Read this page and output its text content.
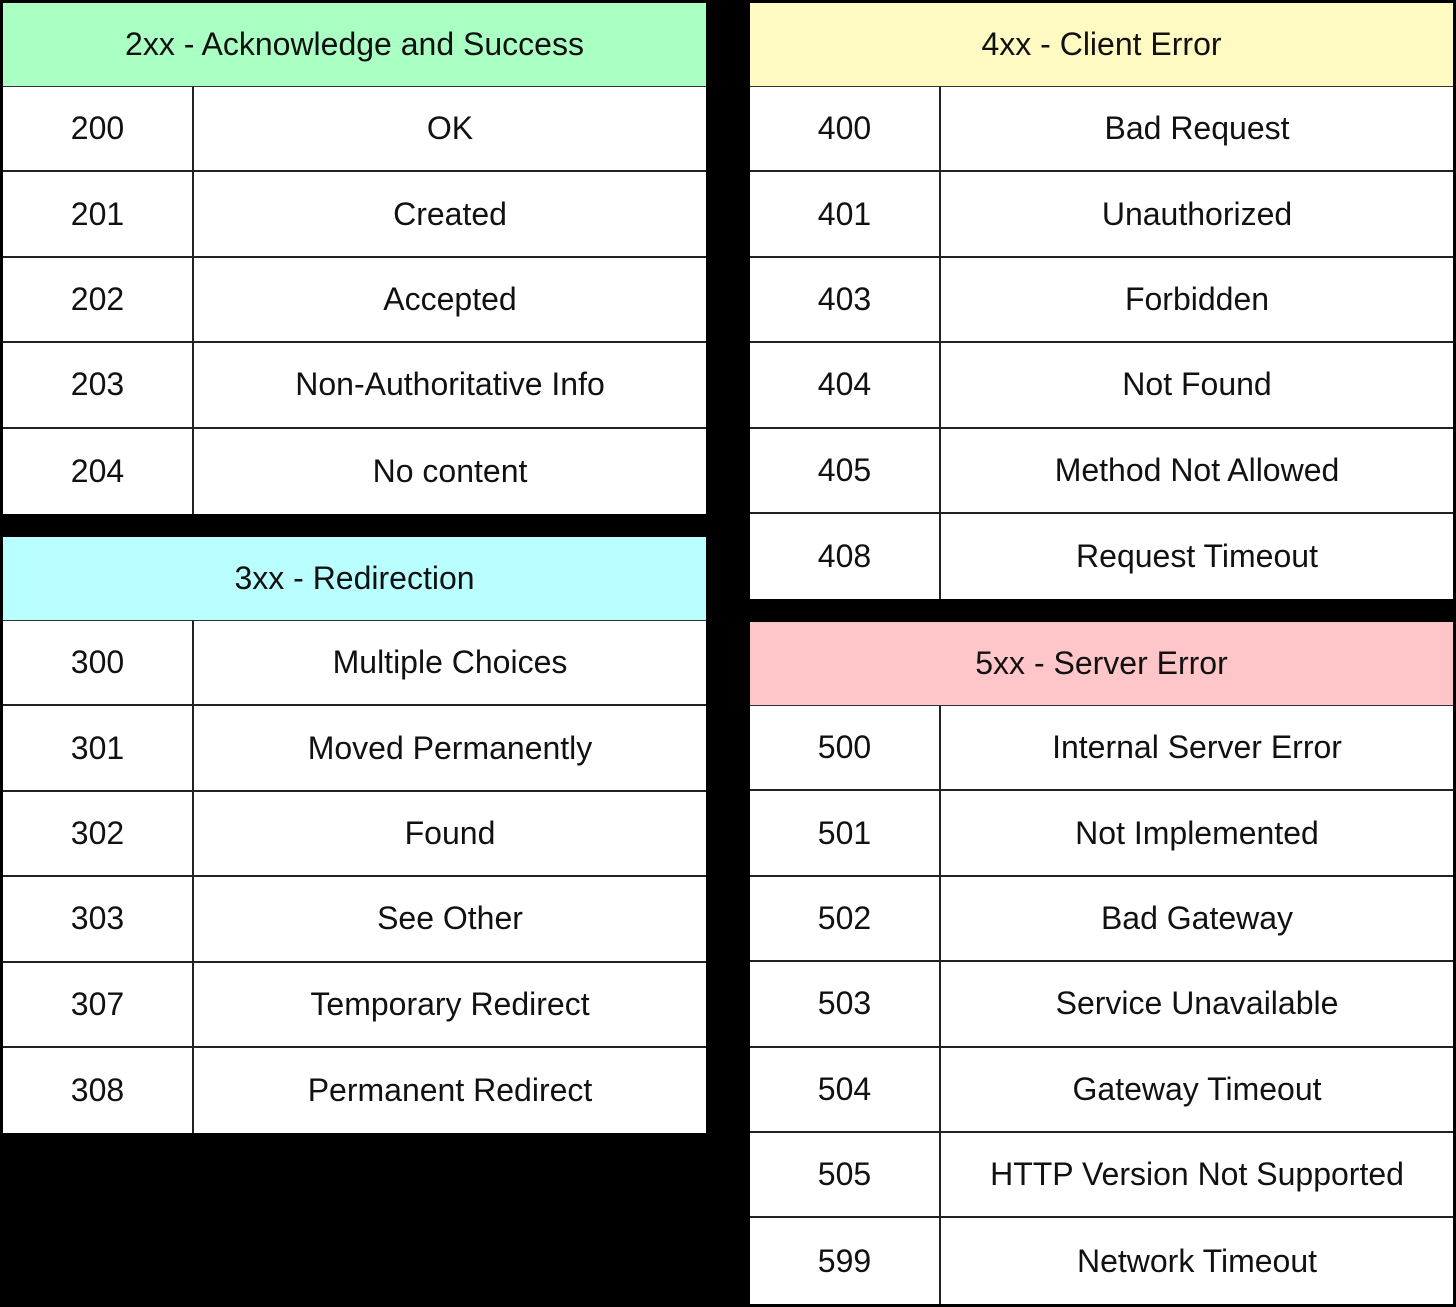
2xx - Acknowledge and Success
200	OK
201	Created
202	Accepted
203	Non-Authoritative Info
204	No content
3xx - Redirection
300	Multiple Choices
301	Moved Permanently
302	Found
303	See Other
307	Temporary Redirect
308	Permanent Redirect
4xx - Client Error
400	Bad Request
401	Unauthorized
403	Forbidden
404	Not Found
405	Method Not Allowed
408	Request Timeout
5xx - Server Error
500	Internal Server Error
501	Not Implemented
502	Bad Gateway
503	Service Unavailable
504	Gateway Timeout
505	HTTP Version Not Supported
599	Network Timeout
